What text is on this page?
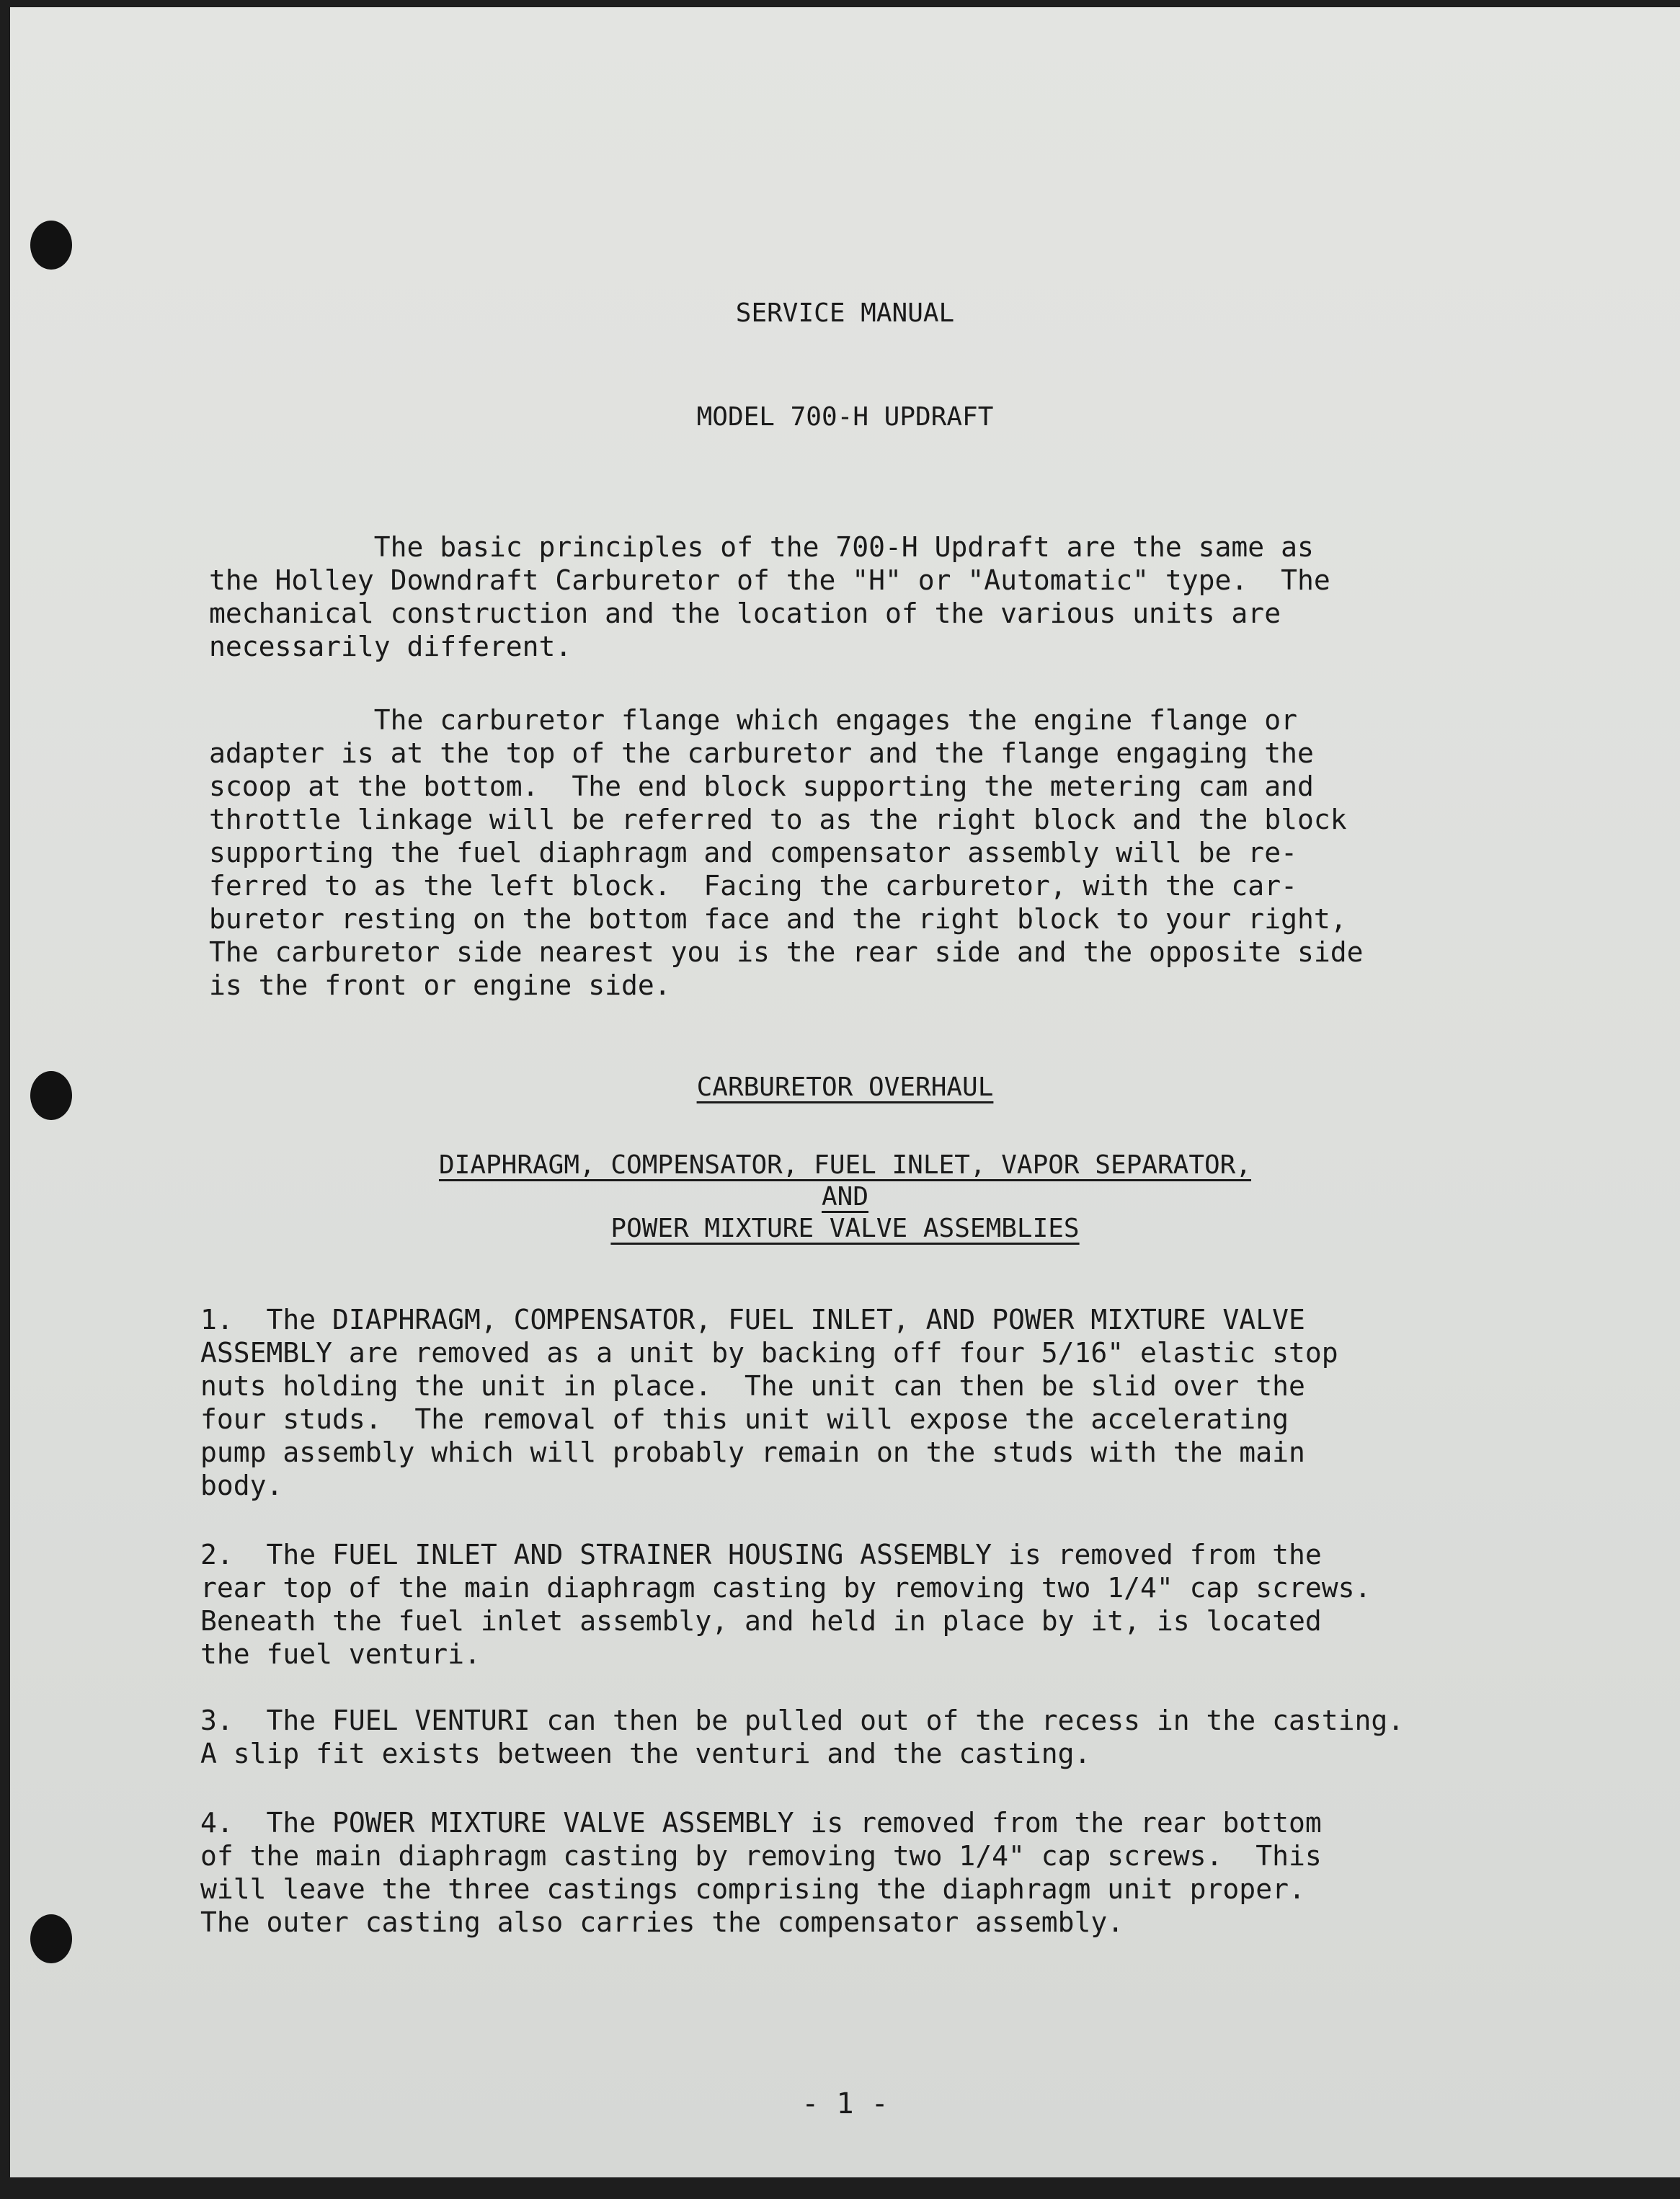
SERVICE MANUAL

MODEL 700-H UPDRAFT

The basic principles of the 700-H Updraft are the same as
the Holley Downdraft Carburetor of the "H" or "Automatic" type.  The
mechanical construction and the location of the various units are
necessarily different.

The carburetor flange which engages the engine flange or
adapter is at the top of the carburetor and the flange engaging the
scoop at the bottom.  The end block supporting the metering cam and
throttle linkage will be referred to as the right block and the block
supporting the fuel diaphragm and compensator assembly will be re-
ferred to as the left block.  Facing the carburetor, with the car-
buretor resting on the bottom face and the right block to your right,
The carburetor side nearest you is the rear side and the opposite side
is the front or engine side.

CARBURETOR OVERHAUL

DIAPHRAGM, COMPENSATOR, FUEL INLET, VAPOR SEPARATOR,

AND

POWER MIXTURE VALVE ASSEMBLIES

1.  The DIAPHRAGM, COMPENSATOR, FUEL INLET, AND POWER MIXTURE VALVE
ASSEMBLY are removed as a unit by backing off four 5/16" elastic stop
nuts holding the unit in place.  The unit can then be slid over the
four studs.  The removal of this unit will expose the accelerating
pump assembly which will probably remain on the studs with the main
body.

2.  The FUEL INLET AND STRAINER HOUSING ASSEMBLY is removed from the
rear top of the main diaphragm casting by removing two 1/4" cap screws.
Beneath the fuel inlet assembly, and held in place by it, is located
the fuel venturi.

3.  The FUEL VENTURI can then be pulled out of the recess in the casting.
A slip fit exists between the venturi and the casting.

4.  The POWER MIXTURE VALVE ASSEMBLY is removed from the rear bottom
of the main diaphragm casting by removing two 1/4" cap screws.  This
will leave the three castings comprising the diaphragm unit proper.
The outer casting also carries the compensator assembly.

- 1 -
